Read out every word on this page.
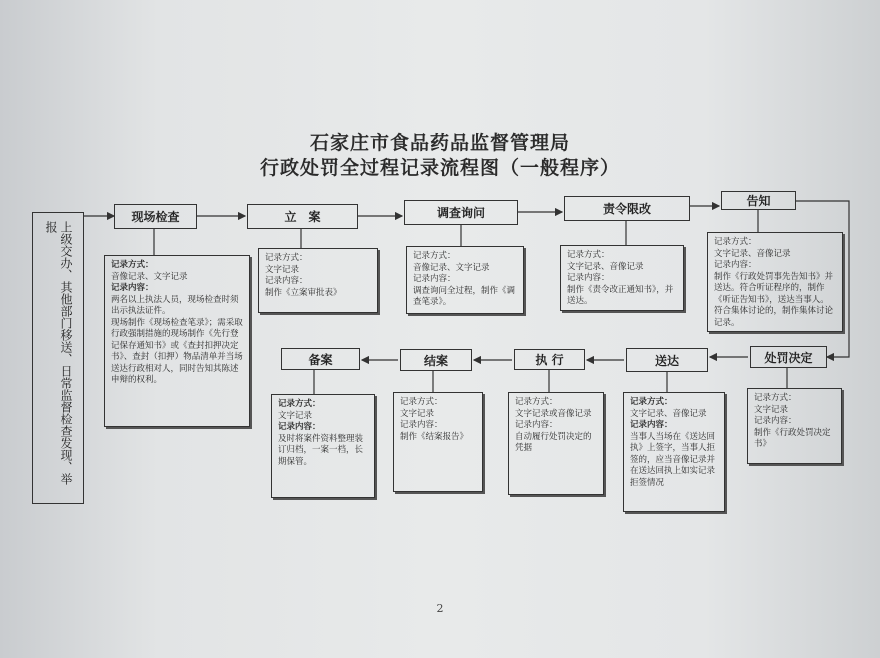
石家庄市食品药品监督管理局
行政处罚全过程记录流程图（一般程序）
上级交办、其他部门移送、日常监督检查发现、举报
现场检查	立　案	调查询问	责令限改
告知
处罚决定
送达
执 行
结案
备案
记录方式：
音像记录、文字记录
记录内容：
两名以上执法人员，现场检查时须出示执法证件。
现场制作《现场检查笔录》；需采取行政强制措施的现场制作《先行登记保存通知书》或《查封扣押决定书》、查封（扣押）物品清单并当场送达行政相对人，同时告知其陈述申辩的权利。
记录方式：
文字记录
记录内容：
制作《立案审批表》
记录方式：
音像记录、文字记录
记录内容：
调查询问全过程，制作《调查笔录》。
记录方式：
文字记录、音像记录
记录内容：
制作《责令改正通知书》，并送达。
记录方式：
文字记录、音像记录
记录内容：
制作《行政处罚事先告知书》并送达。符合听证程序的，制作《听证告知书》，送达当事人。符合集体讨论的，制作集体讨论记录。
记录方式：
文字记录
记录内容：
制作《行政处罚决定书》
记录方式：
文字记录、音像记录
记录内容：
当事人当场在《送达回执》上签字，当事人拒签的，应当音像记录并在送达回执上如实记录拒签情况
记录方式：
文字记录或音像记录
记录内容：
自动履行处罚决定的凭据
记录方式：
文字记录
记录内容：
制作《结案报告》
记录方式：
文字记录
记录内容：
及时将案件资料整理装订归档，一案一档，长期保管。
2
